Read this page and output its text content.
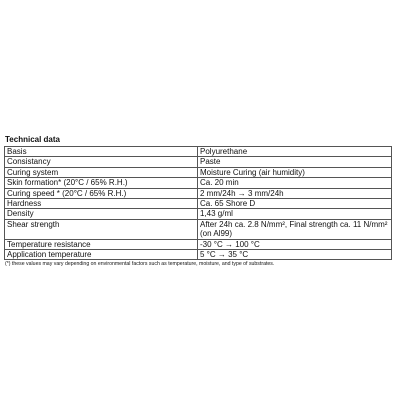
Technical data
Basis	Polyurethane
Consistancy	Paste
Curing system	Moisture Curing (air humidity)
Skin formation* (20°C / 65% R.H.)	Ca. 20 min
Curing speed * (20°C / 65% R.H.)	2 mm/24h → 3 mm/24h
Hardness	Ca. 65 Shore D
Density	1,43 g/ml
Shear strength	After 24h ca. 2.8 N/mm², Final strength ca. 11 N/mm² (on Al99)
Temperature resistance	-30 °C → 100 °C
Application temperature	5 °C → 35 °C
(*) these values may vary depending on environmental factors such as temperature, moisture, and type of substrates.
